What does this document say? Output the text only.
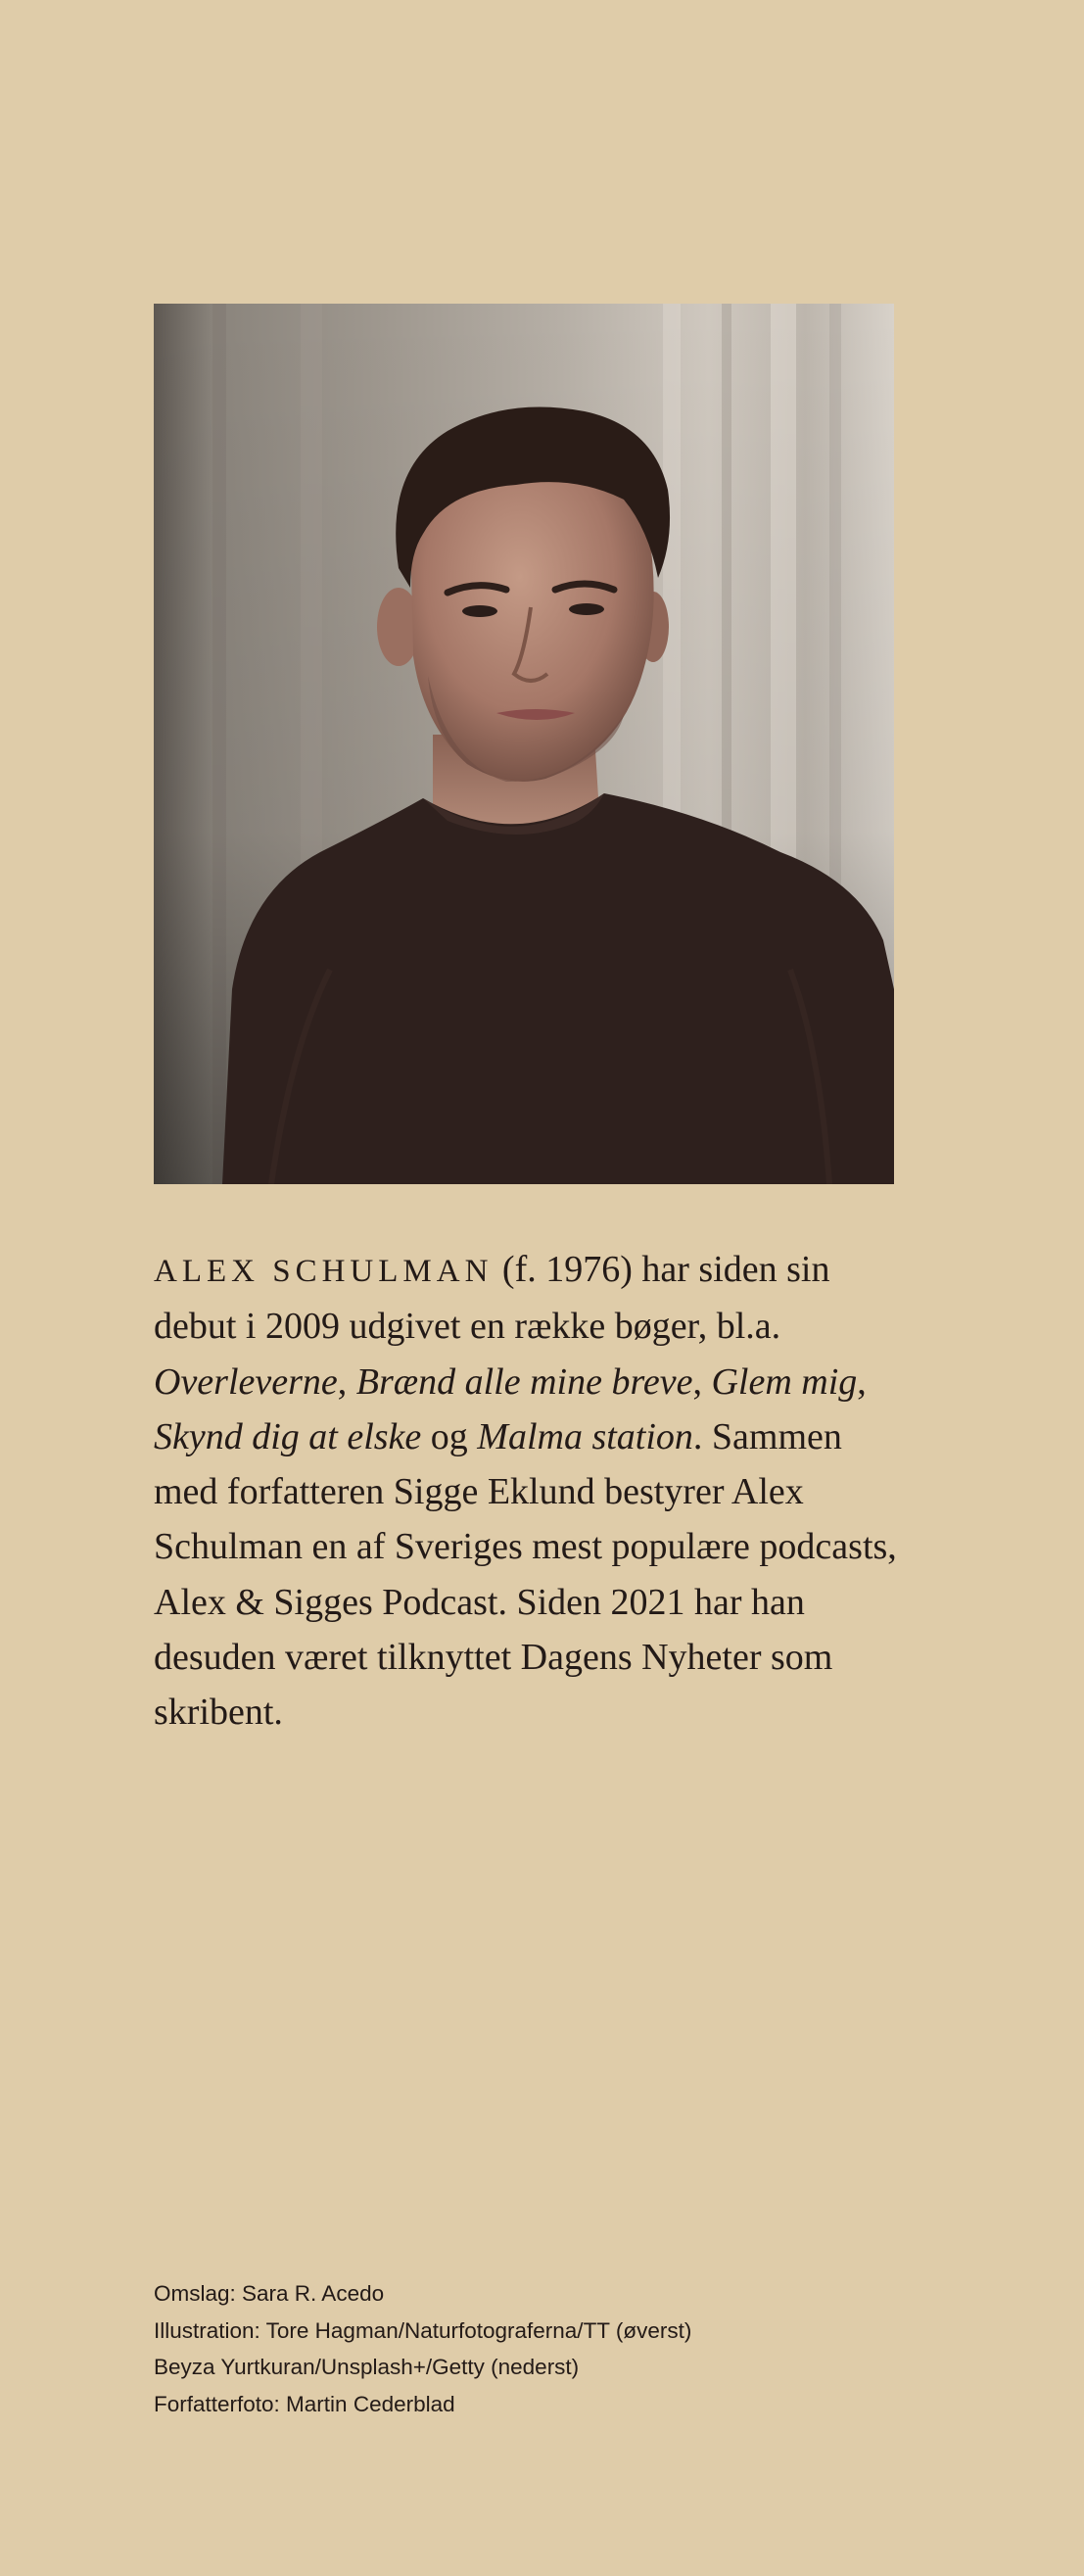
ALEX SCHULMAN (f. 1976) har siden sin debut i 2009 udgivet en række bøger, bl.a. Overleverne, Brænd alle mine breve, Glem mig, Skynd dig at elske og Malma station. Sammen med forfatteren Sigge Eklund bestyrer Alex Schulman en af Sveriges mest populære podcasts, Alex & Sigges Podcast. Siden 2021 har han desuden været tilknyttet Dagens Nyheter som skribent.

Omslag: Sara R. Acedo
Illustration: Tore Hagman/Naturfotograferna/TT (øverst)
Beyza Yurtkuran/Unsplash+/Getty (nederst)
Forfatterfoto: Martin Cederblad
